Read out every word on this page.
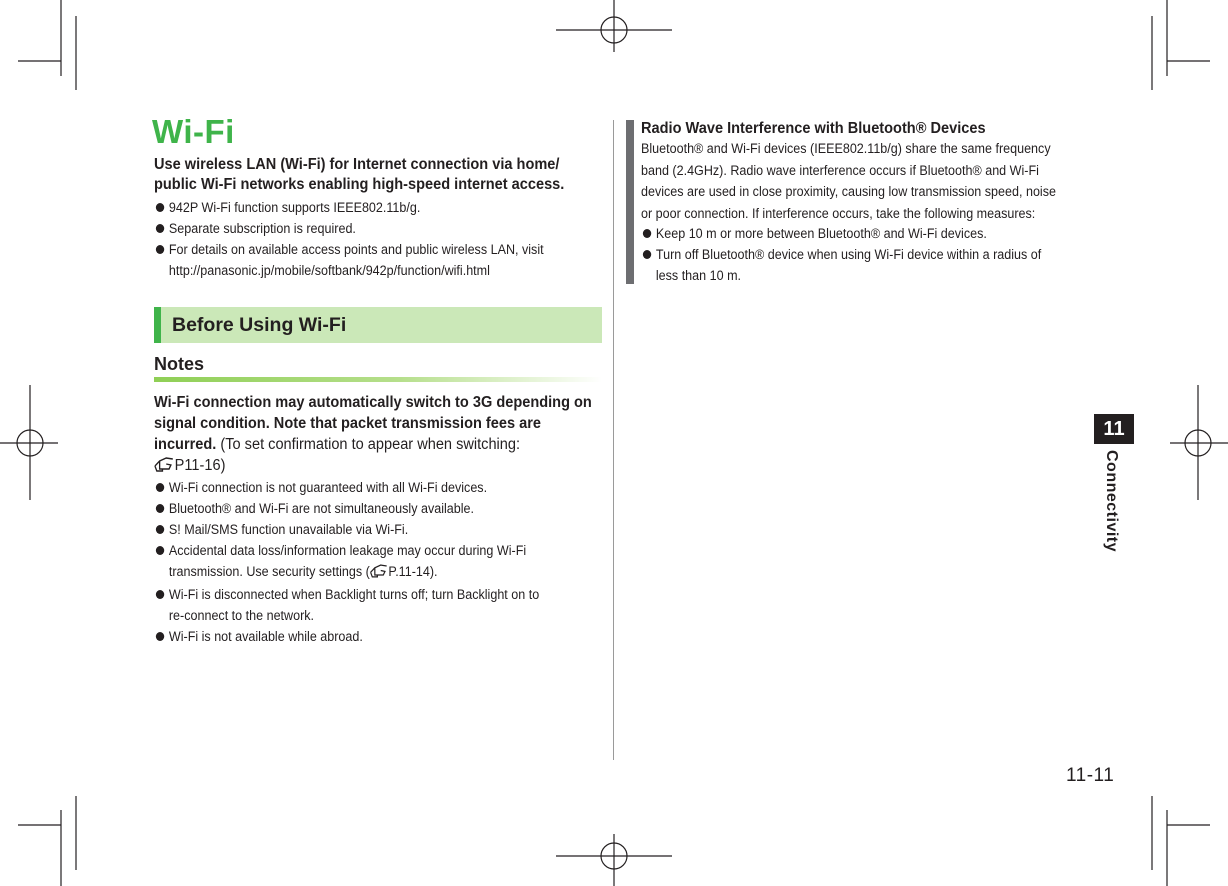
Wi-Fi

Use wireless LAN (Wi-Fi) for Internet connection via home/ public Wi-Fi networks enabling high-speed internet access.

942P Wi-Fi function supports IEEE802.11b/g.
Separate subscription is required.
For details on available access points and public wireless LAN, visit
http://panasonic.jp/mobile/softbank/942p/function/wifi.html
Before Using Wi-Fi
Notes

Wi-Fi connection may automatically switch to 3G depending on signal condition. Note that packet transmission fees are incurred. (To set confirmation to appear when switching:
P11-16)

Wi-Fi connection is not guaranteed with all Wi-Fi devices.
Bluetooth® and Wi-Fi are not simultaneously available.
S! Mail/SMS function unavailable via Wi-Fi.
Accidental data loss/information leakage may occur during Wi-Fi
transmission. Use security settings ( P.11-14).
Wi-Fi is disconnected when Backlight turns off; turn Backlight on to
re-connect to the network.
Wi-Fi is not available while abroad.
Radio Wave Interference with Bluetooth® Devices

Bluetooth® and Wi-Fi devices (IEEE802.11b/g) share the same frequency
band (2.4GHz). Radio wave interference occurs if Bluetooth® and Wi-Fi
devices are used in close proximity, causing low transmission speed, noise
or poor connection. If interference occurs, take the following measures:

Keep 10 m or more between Bluetooth® and Wi-Fi devices.
Turn off Bluetooth® device when using Wi-Fi device within a radius of
less than 10 m.
11
Connectivity
11-11
